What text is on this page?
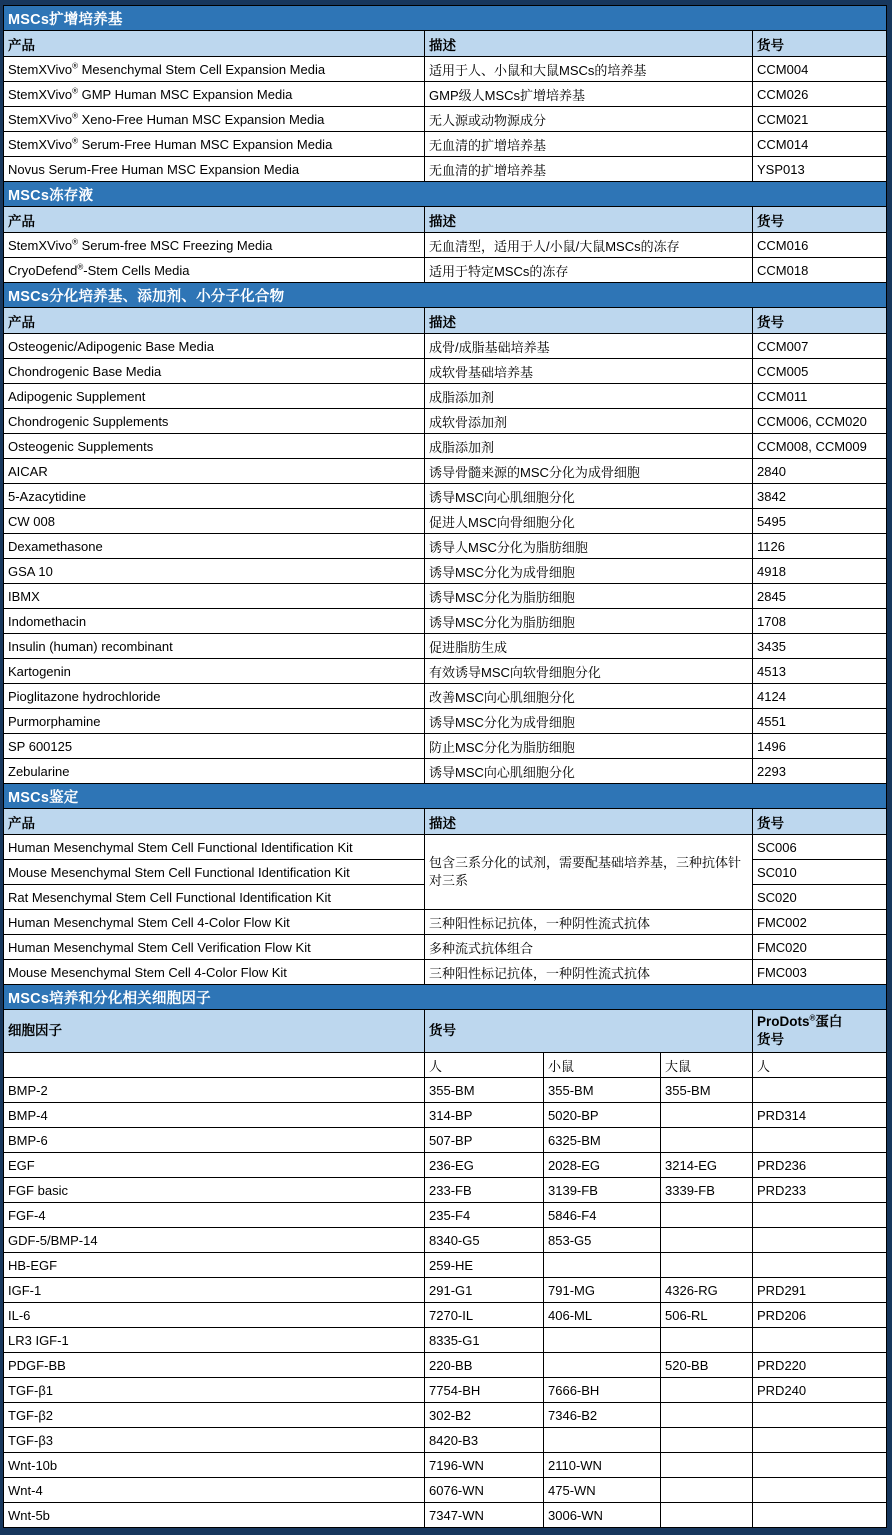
MSCs扩增培养基				
产品	描述			货号
StemXVivo® Mesenchymal Stem Cell Expansion Media	适用于人、小鼠和大鼠MSCs的培养基			CCM004
StemXVivo® GMP Human MSC Expansion Media	GMP级人MSCs扩增培养基			CCM026
StemXVivo® Xeno-Free Human MSC Expansion Media	无人源或动物源成分			CCM021
StemXVivo® Serum-Free Human MSC Expansion Media	无血清的扩增培养基			CCM014
Novus Serum-Free Human MSC Expansion Media	无血清的扩增培养基			YSP013
MSCs冻存液				
产品	描述			货号
StemXVivo® Serum-free MSC Freezing Media	无血清型，适用于人/小鼠/大鼠MSCs的冻存			CCM016
CryoDefend®-Stem Cells Media	适用于特定MSCs的冻存			CCM018
MSCs分化培养基、添加剂、小分子化合物				
产品	描述			货号
Osteogenic/Adipogenic Base Media	成骨/成脂基础培养基			CCM007
Chondrogenic Base Media	成软骨基础培养基			CCM005
Adipogenic Supplement	成脂添加剂			CCM011
Chondrogenic Supplements	成软骨添加剂			CCM006, CCM020
Osteogenic Supplements	成脂添加剂			CCM008, CCM009
AICAR	诱导骨髓来源的MSC分化为成骨细胞			2840
5-Azacytidine	诱导MSC向心肌细胞分化			3842
CW 008	促进人MSC向骨细胞分化			5495
Dexamethasone	诱导人MSC分化为脂肪细胞			1126
GSA 10	诱导MSC分化为成骨细胞			4918
IBMX	诱导MSC分化为脂肪细胞			2845
Indomethacin	诱导MSC分化为脂肪细胞			1708
Insulin (human) recombinant	促进脂肪生成			3435
Kartogenin	有效诱导MSC向软骨细胞分化			4513
Pioglitazone hydrochloride	改善MSC向心肌细胞分化			4124
Purmorphamine	诱导MSC分化为成骨细胞			4551
SP 600125	防止MSC分化为脂肪细胞			1496
Zebularine	诱导MSC向心肌细胞分化			2293
MSCs鉴定				
产品	描述			货号
Human Mesenchymal Stem Cell Functional Identification Kit	包含三系分化的试剂，需要配基础培养基，三种抗体针对三系			SC006
Mouse Mesenchymal Stem Cell Functional Identification Kit				SC010
Rat Mesenchymal Stem Cell Functional Identification Kit				SC020
Human Mesenchymal Stem Cell 4-Color Flow Kit	三种阳性标记抗体，一种阴性流式抗体			FMC002
Human Mesenchymal Stem Cell Verification Flow Kit	多种流式抗体组合			FMC020
Mouse Mesenchymal Stem Cell 4-Color Flow Kit	三种阳性标记抗体，一种阴性流式抗体			FMC003
MSCs培养和分化相关细胞因子				
细胞因子	货号			ProDots®蛋白
货号
	人	小鼠	大鼠	人
BMP-2	355-BM	355-BM	355-BM	
BMP-4	314-BP	5020-BP		PRD314
BMP-6	507-BP	6325-BM		
EGF	236-EG	2028-EG	3214-EG	PRD236
FGF basic	233-FB	3139-FB	3339-FB	PRD233
FGF-4	235-F4	5846-F4		
GDF-5/BMP-14	8340-G5	853-G5		
HB-EGF	259-HE			
IGF-1	291-G1	791-MG	4326-RG	PRD291
IL-6	7270-IL	406-ML	506-RL	PRD206
LR3 IGF-1	8335-G1			
PDGF-BB	220-BB		520-BB	PRD220
TGF-β1	7754-BH	7666-BH		PRD240
TGF-β2	302-B2	7346-B2		
TGF-β3	8420-B3			
Wnt-10b	7196-WN	2110-WN		
Wnt-4	6076-WN	475-WN		
Wnt-5b	7347-WN	3006-WN		
